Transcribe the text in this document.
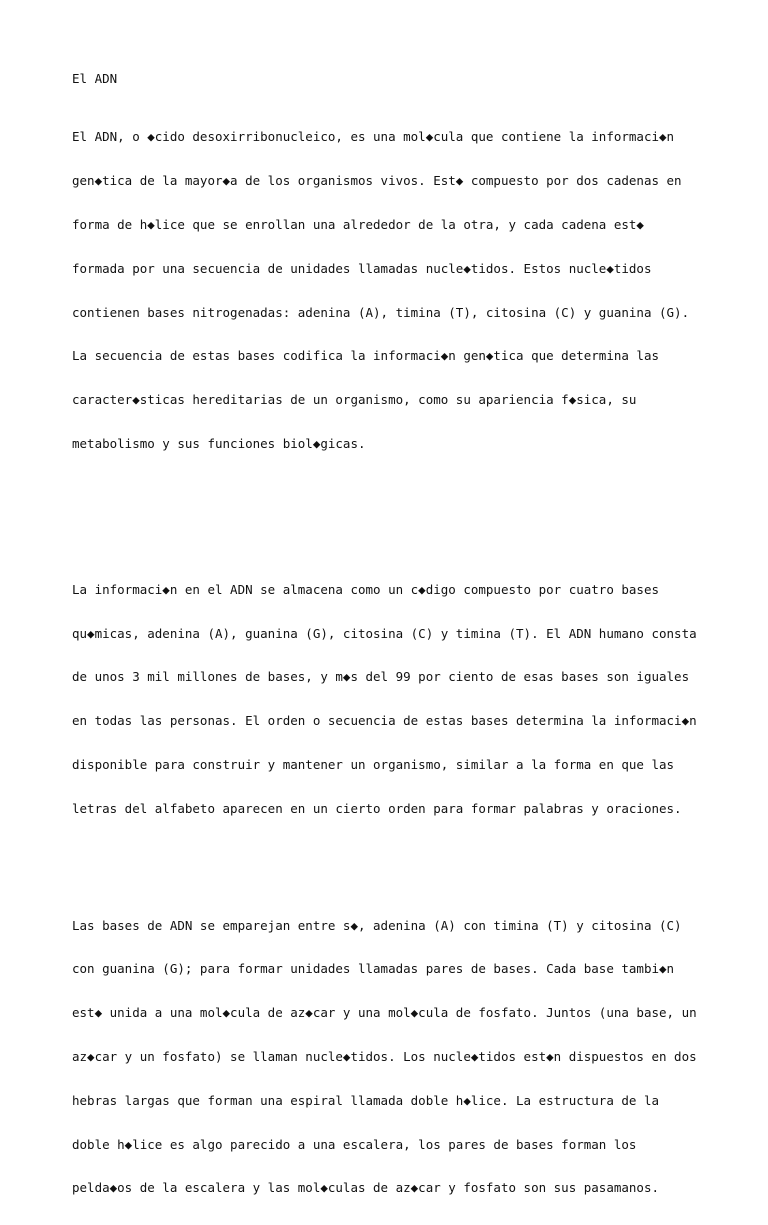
El ADN

El ADN, o ◆cido desoxirribonucleico, es una mol◆cula que contiene la informaci◆n

gen◆tica de la mayor◆a de los organismos vivos. Est◆ compuesto por dos cadenas en

forma de h◆lice que se enrollan una alrededor de la otra, y cada cadena est◆

formada por una secuencia de unidades llamadas nucle◆tidos. Estos nucle◆tidos

contienen bases nitrogenadas: adenina (A), timina (T), citosina (C) y guanina (G).

La secuencia de estas bases codifica la informaci◆n gen◆tica que determina las

caracter◆sticas hereditarias de un organismo, como su apariencia f◆sica, su

metabolismo y sus funciones biol◆gicas.

La informaci◆n en el ADN se almacena como un c◆digo compuesto por cuatro bases

qu◆micas, adenina (A), guanina (G), citosina (C) y timina (T). El ADN humano consta

de unos 3 mil millones de bases, y m◆s del 99 por ciento de esas bases son iguales

en todas las personas. El orden o secuencia de estas bases determina la informaci◆n

disponible para construir y mantener un organismo, similar a la forma en que las

letras del alfabeto aparecen en un cierto orden para formar palabras y oraciones.

Las bases de ADN se emparejan entre s◆, adenina (A) con timina (T) y citosina (C)

con guanina (G); para formar unidades llamadas pares de bases. Cada base tambi◆n

est◆ unida a una mol◆cula de az◆car y una mol◆cula de fosfato. Juntos (una base, un

az◆car y un fosfato) se llaman nucle◆tidos. Los nucle◆tidos est◆n dispuestos en dos

hebras largas que forman una espiral llamada doble h◆lice. La estructura de la

doble h◆lice es algo parecido a una escalera, los pares de bases forman los

pelda◆os de la escalera y las mol◆culas de az◆car y fosfato son sus pasamanos.
